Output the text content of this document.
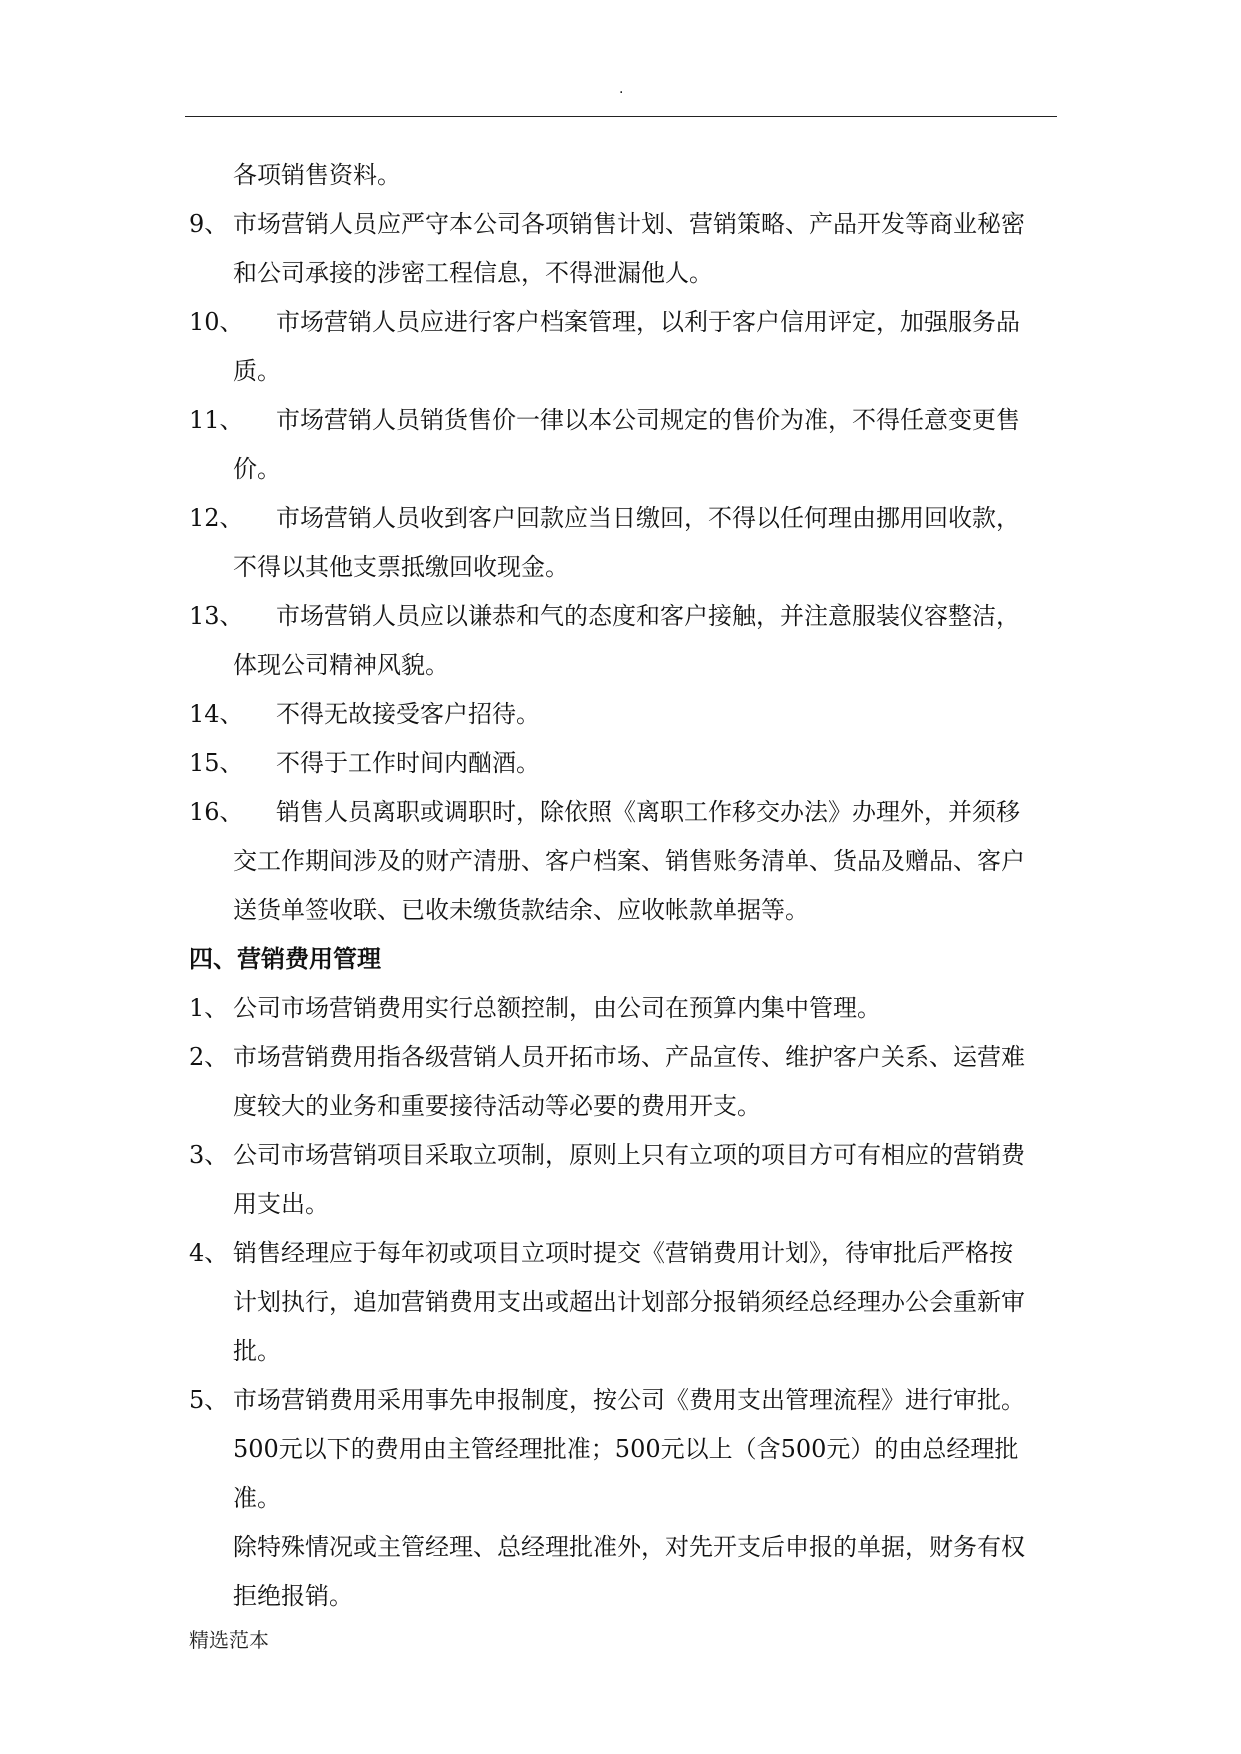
.
各项销售资料。
9、 市场营销人员应严守本公司各项销售计划、营销策略、产品开发等商业秘密
和公司承接的涉密工程信息，不得泄漏他人。
10、	市场营销人员应进行客户档案管理，以利于客户信用评定，加强服务品
质。
11、	市场营销人员销货售价一律以本公司规定的售价为准，不得任意变更售
价。
12、	市场营销人员收到客户回款应当日缴回，不得以任何理由挪用回收款，
不得以其他支票抵缴回收现金。
13、	市场营销人员应以谦恭和气的态度和客户接触，并注意服装仪容整洁，
体现公司精神风貌。
14、	不得无故接受客户招待。
15、	不得于工作时间内酗酒。
16、	销售人员离职或调职时，除依照《离职工作移交办法》办理外，并须移
交工作期间涉及的财产清册、客户档案、销售账务清单、货品及赠品、客户
送货单签收联、已收未缴货款结余、应收帐款单据等。
四、营销费用管理
1、 公司市场营销费用实行总额控制，由公司在预算内集中管理。
2、 市场营销费用指各级营销人员开拓市场、产品宣传、维护客户关系、运营难
度较大的业务和重要接待活动等必要的费用开支。
3、 公司市场营销项目采取立项制，原则上只有立项的项目方可有相应的营销费
用支出。
4、 销售经理应于每年初或项目立项时提交《营销费用计划》，待审批后严格按
计划执行，追加营销费用支出或超出计划部分报销须经总经理办公会重新审
批。
5、 市场营销费用采用事先申报制度，按公司《费用支出管理流程》进行审批。
500元以下的费用由主管经理批准；500元以上（含500元）的由总经理批准。
除特殊情况或主管经理、总经理批准外，对先开支后申报的单据，财务有权
拒绝报销。
精选范本
